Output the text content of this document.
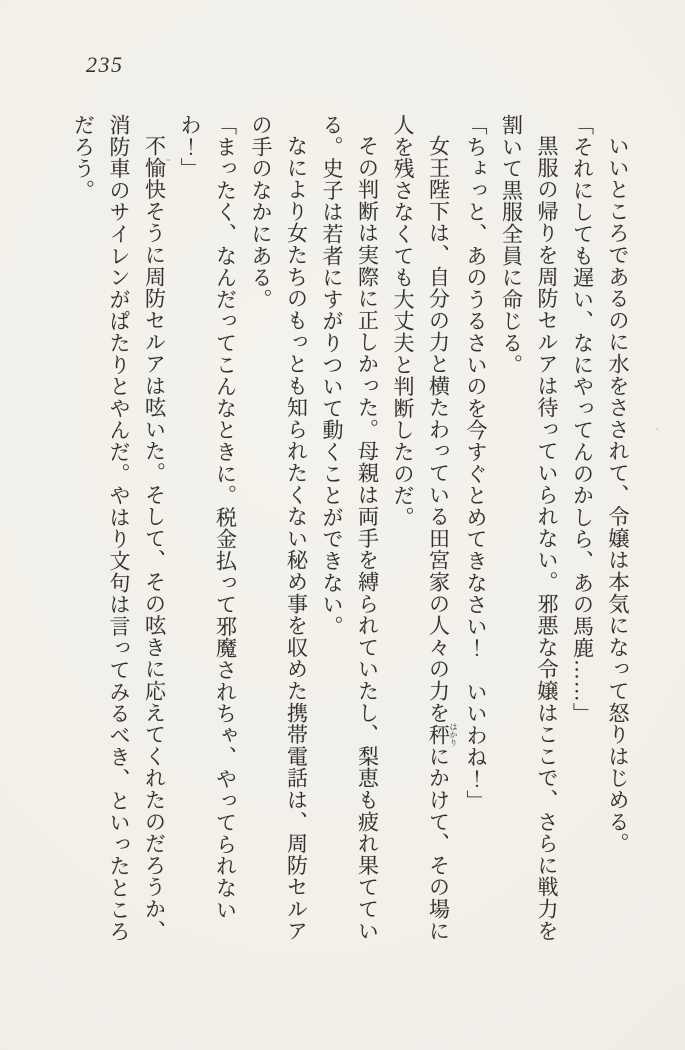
235

いいところであるのに水をさされて、令嬢は本気になって怒りはじめる。

「それにしても遅い、なにやってんのかしら、あの馬鹿……」

黒服の帰りを周防セルアは待っていられない。邪悪な令嬢はここで、さらに戦力を割いて黒服全員に命じる。

「ちょっと、あのうるさいのを今すぐとめてきなさい！　いいわね！」

女王陛下は、自分の力と横たわっている田宮家の人々の力を秤はかりにかけて、その場に人を残さなくても大丈夫と判断したのだ。

その判断は実際に正しかった。母親は両手を縛られていたし、梨恵も疲れ果てている。史子は若者にすがりついて動くことができない。

なにより女たちのもっとも知られたくない秘め事を収めた携帯電話は、周防セルアの手のなかにある。

「まったく、なんだってこんなときに。税金払って邪魔されちゃ、やってられないわ！」

不愉快そうに周防セルアは呟いた。そして、その呟きに応えてくれたのだろうか、消防車のサイレンがぱたりとやんだ。やはり文句は言ってみるべき、といったところだろう。
